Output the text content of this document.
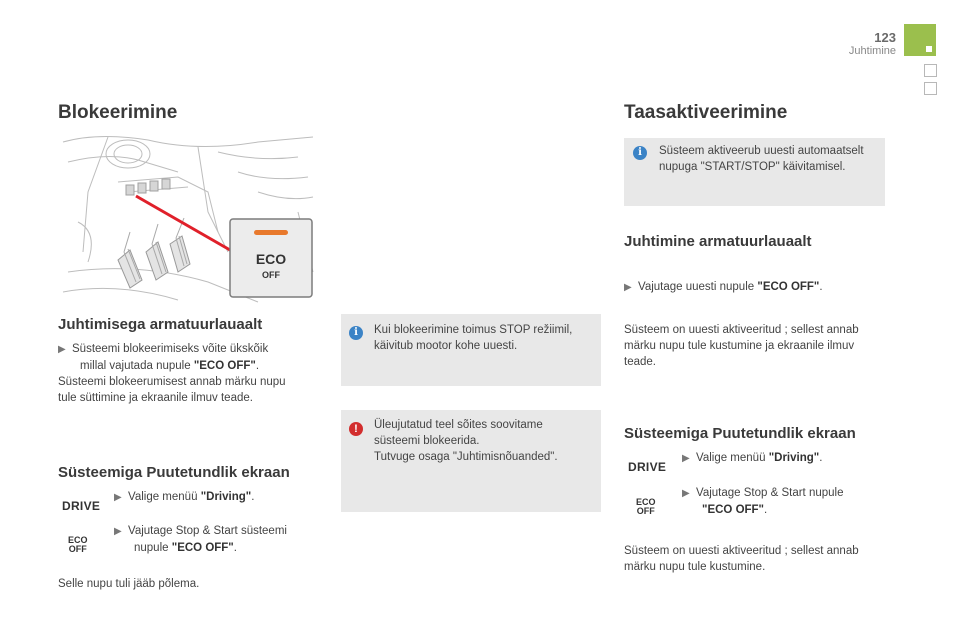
123
Juhtimine
Blokeerimine
ECO
OFF
Juhtimisega armatuurlauaalt
▶ Süsteemi blokeerimiseks võite ükskõik
millal vajutada nupule "ECO OFF".
Süsteemi blokeerumisest annab märku nupu
tule süttimine ja ekraanile ilmuv teade.
Süsteemiga Puutetundlik ekraan
DRIVE
▶ Valige menüü "Driving".
ECO
OFF
▶ Vajutage Stop & Start süsteemi
nupule "ECO OFF".
Selle nupu tuli jääb põlema.
i	Kui blokeerimine toimus STOP režiimil,
käivitub mootor kohe uuesti.
!	Üleujutatud teel sõites soovitame
süsteemi blokeerida.
Tutvuge osaga "Juhtimisnõuanded".
Taasaktiveerimine
i	Süsteem aktiveerub uuesti automaatselt
nupuga "START/STOP" käivitamisel.
Juhtimine armatuurlauaalt
▶ Vajutage uuesti nupule "ECO OFF".
Süsteem on uuesti aktiveeritud ; sellest annab
märku nupu tule kustumine ja ekraanile ilmuv
teade.
Süsteemiga Puutetundlik ekraan
DRIVE
▶ Valige menüü "Driving".
ECO
OFF
▶ Vajutage Stop & Start nupule
"ECO OFF".
Süsteem on uuesti aktiveeritud ; sellest annab
märku nupu tule kustumine.
